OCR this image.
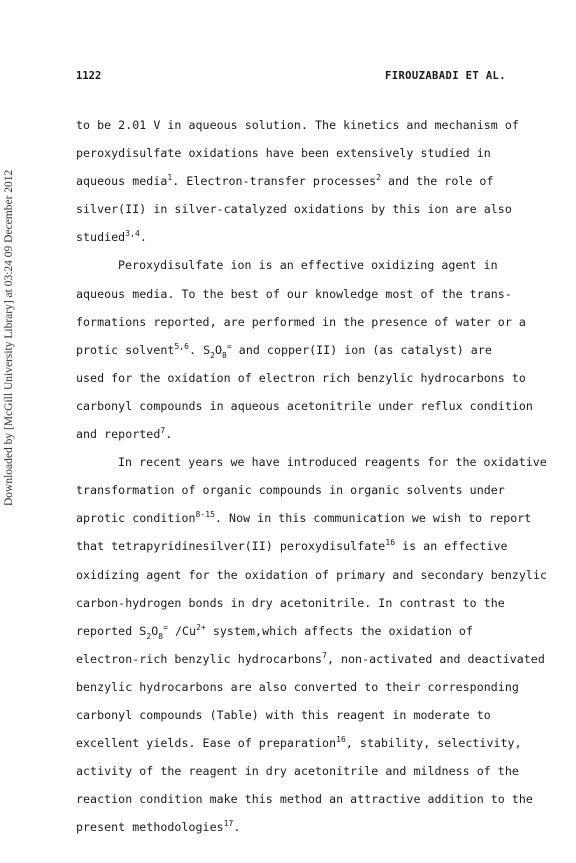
1122	FIROUZABADI ET AL.
Downloaded by [McGill University Library] at 03:24 09 December 2012
to be 2.01 V in aqueous solution. The kinetics and mechanism of
peroxydisulfate oxidations have been extensively studied in
aqueous media$^1$. Electron-transfer processes$^2$ and the role of
silver(II) in silver-catalyzed oxidations by this ion are also
studied$^{3,4}$.
Peroxydisulfate ion is an effective oxidizing agent in
aqueous media. To the best of our knowledge most of the trans-
formations reported, are performed in the presence of water or a
protic solvent$^{5,6}$. $S_2O_8^=$ and copper(II) ion (as catalyst) are
used for the oxidation of electron rich benzylic hydrocarbons to
carbonyl compounds in aqueous acetonitrile under reflux condition
and reported$^7$.
In recent years we have introduced reagents for the oxidative
transformation of organic compounds in organic solvents under
aprotic condition$^{8-15}$. Now in this communication we wish to report
that tetrapyridinesilver(II) peroxydisulfate$^{16}$ is an effective
oxidizing agent for the oxidation of primary and secondary benzylic
carbon-hydrogen bonds in dry acetonitrile. In contrast to the
reported $S_2O_8^=$ $/Cu^{2+}$ system,which affects the oxidation of
electron-rich benzylic hydrocarbons$^7$, non-activated and deactivated
benzylic hydrocarbons are also converted to their corresponding
carbonyl compounds (Table) with this reagent in moderate to
excellent yields. Ease of preparation$^{16}$, stability, selectivity,
activity of the reagent in dry acetonitrile and mildness of the
reaction condition make this method an attractive addition to the
present methodologies$^{17}$.
